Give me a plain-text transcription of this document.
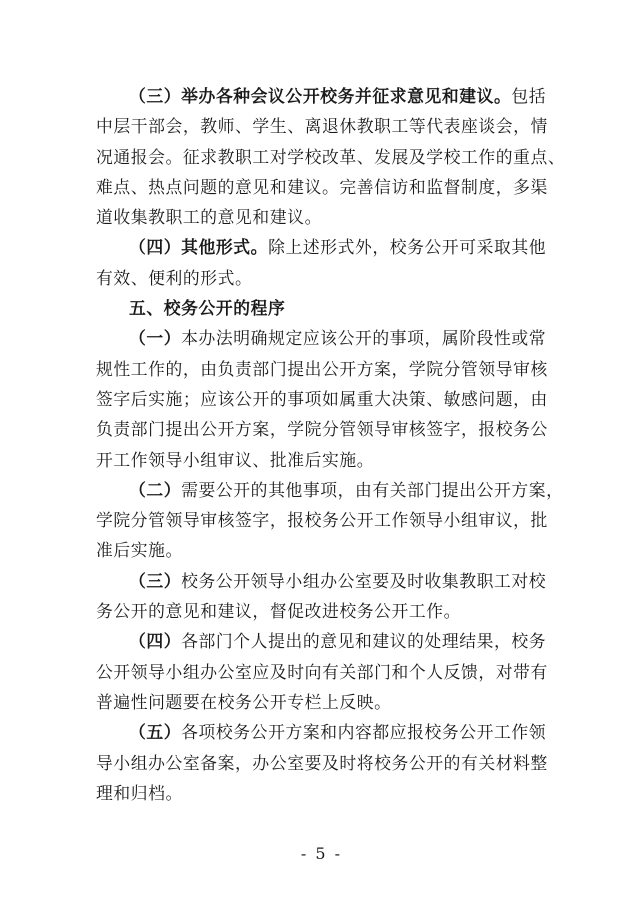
（三）举办各种会议公开校务并征求意见和建议。包括
中层干部会，教师、学生、离退休教职工等代表座谈会，情
况通报会。征求教职工对学校改革、发展及学校工作的重点、
难点、热点问题的意见和建议。完善信访和监督制度，多渠
道收集教职工的意见和建议。
（四）其他形式。除上述形式外，校务公开可采取其他
有效、便利的形式。
五、校务公开的程序
（一）本办法明确规定应该公开的事项，属阶段性或常
规性工作的，由负责部门提出公开方案，学院分管领导审核
签字后实施；应该公开的事项如属重大决策、敏感问题，由
负责部门提出公开方案，学院分管领导审核签字，报校务公
开工作领导小组审议、批准后实施。
（二）需要公开的其他事项，由有关部门提出公开方案，
学院分管领导审核签字，报校务公开工作领导小组审议，批
准后实施。
（三）校务公开领导小组办公室要及时收集教职工对校
务公开的意见和建议，督促改进校务公开工作。
（四）各部门个人提出的意见和建议的处理结果，校务
公开领导小组办公室应及时向有关部门和个人反馈，对带有
普遍性问题要在校务公开专栏上反映。
（五）各项校务公开方案和内容都应报校务公开工作领
导小组办公室备案，办公室要及时将校务公开的有关材料整
理和归档。
- 5 -
